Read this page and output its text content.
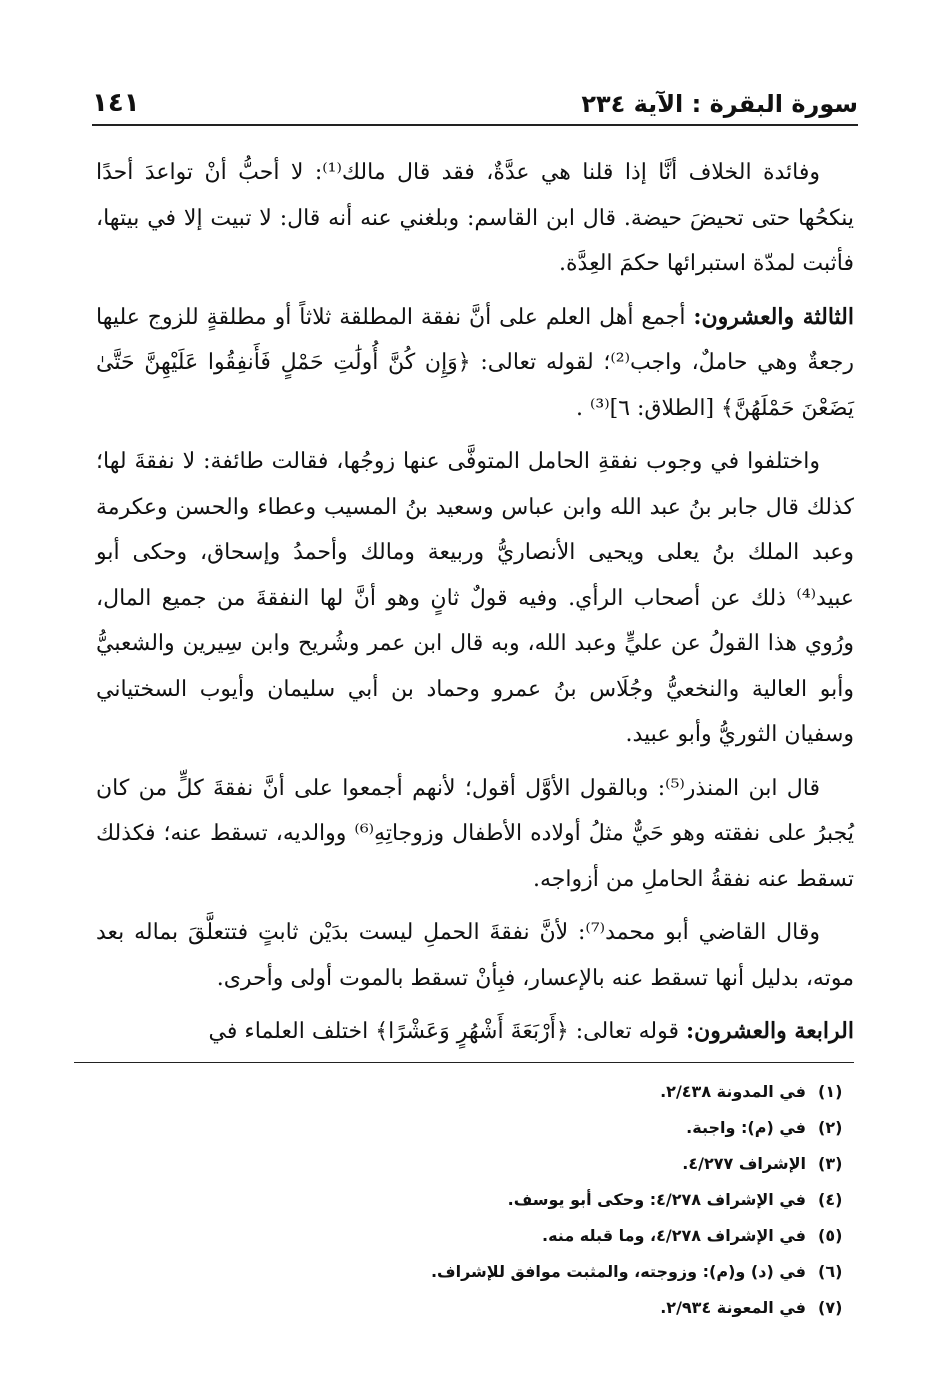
سورة البقرة : الآية ٢٣٤
١٤١

وفائدة الخلاف أنَّا إذا قلنا هي عدَّةٌ، فقد قال مالك⁽¹⁾: لا أحبُّ أنْ تواعدَ أحدًا ينكحُها حتى تحيضَ حيضة. قال ابن القاسم: وبلغني عنه أنه قال: لا تبيت إلا في بيتها، فأثبت لمدّة استبرائها حكمَ العِدَّة.

الثالثة والعشرون: أجمع أهل العلم على أنَّ نفقة المطلقة ثلاثاً أو مطلقةٍ للزوج عليها رجعةٌ وهي حاملٌ، واجب⁽²⁾؛ لقوله تعالى: ﴿وَإِن كُنَّ أُولَٰتِ حَمْلٍ فَأَنفِقُوا عَلَيْهِنَّ حَتَّىٰ يَضَعْنَ حَمْلَهُنَّ﴾ [الطلاق: ٦]⁽³⁾ .

واختلفوا في وجوب نفقةِ الحامل المتوفَّى عنها زوجُها، فقالت طائفة: لا نفقةَ لها؛ كذلك قال جابر بنُ عبد الله وابن عباس وسعيد بنُ المسيب وعطاء والحسن وعكرمة وعبد الملك بنُ يعلى ويحيى الأنصاريُّ وربيعة ومالك وأحمدُ وإسحاق، وحكى أبو عبيد⁽⁴⁾ ذلك عن أصحاب الرأي. وفيه قولٌ ثانٍ وهو أنَّ لها النفقةَ من جميع المال، ورُوي هذا القولُ عن عليٍّ وعبد الله، وبه قال ابن عمر وشُريح وابن سِيرين والشعبيُّ وأبو العالية والنخعيُّ وجُلَاس بنُ عمرو وحماد بن أبي سليمان وأيوب السختياني وسفيان الثوريُّ وأبو عبيد.

قال ابن المنذر⁽⁵⁾: وبالقول الأوَّل أقول؛ لأنهم أجمعوا على أنَّ نفقةَ كلٍّ من كان يُجبرُ على نفقته وهو حَيٌّ مثلُ أولاده الأطفال وزوجاتِهِ⁽⁶⁾ ووالديه، تسقط عنه؛ فكذلك تسقط عنه نفقةُ الحاملِ من أزواجه.

وقال القاضي أبو محمد⁽⁷⁾: لأنَّ نفقةَ الحملِ ليست بدَيْن ثابتٍ فتتعلَّقَ بماله بعد موته، بدليل أنها تسقط عنه بالإعسار، فبِأنْ تسقط بالموت أولى وأحرى.

الرابعة والعشرون: قوله تعالى: ﴿أَرْبَعَةَ أَشْهُرٍ وَعَشْرًا﴾ اختلف العلماء في

(١)
في المدونة ٢/٤٣٨.
(٢)
في (م): واجبة.
(٣)
الإشراف ٤/٢٧٧.
(٤)
في الإشراف ٤/٢٧٨: وحكى أبو يوسف.
(٥)
في الإشراف ٤/٢٧٨، وما قبله منه.
(٦)
في (د) و(م): وزوجته، والمثبت موافق للإشراف.
(٧)
في المعونة ٢/٩٣٤.
